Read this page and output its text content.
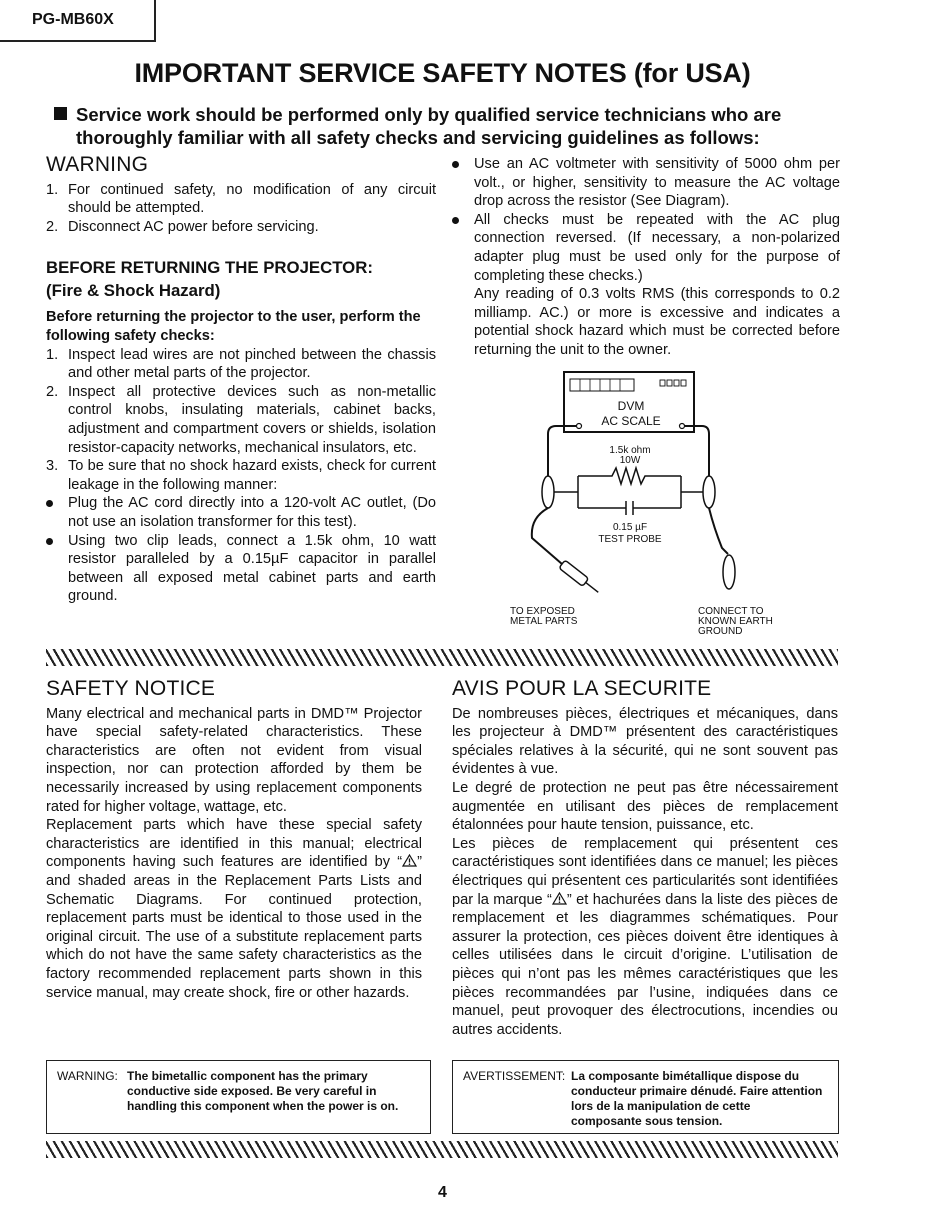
PG-MB60X
IMPORTANT SERVICE SAFETY NOTES (for USA)
Service work should be performed only by qualified service technicians who are
thoroughly familiar with all safety checks and servicing guidelines as follows:
WARNING
1. For continued safety, no modification of any circuit should be attempted.
2. Disconnect AC power before servicing.
BEFORE RETURNING THE PROJECTOR:
(Fire & Shock Hazard)

Before returning the projector to the user, perform the following safety checks:

1. Inspect lead wires are not pinched between the chassis and other metal parts of the projector.
2. Inspect all protective devices such as non-metallic control knobs, insulating materials, cabinet backs, adjustment and compartment covers or shields, isolation resistor-capacity networks, mechanical insulators, etc.
3. To be sure that no shock hazard exists, check for current leakage in the following manner:
Plug the AC cord directly into a 120-volt AC outlet, (Do not use an isolation transformer for this test).
Using two clip leads, connect a 1.5k ohm, 10 watt resistor paralleled by a 0.15µF capacitor in parallel between all exposed metal cabinet parts and earth ground.
Use an AC voltmeter with sensitivity of 5000 ohm per volt., or higher, sensitivity to measure the AC voltage drop across the resistor (See Diagram).
All checks must be repeated with the AC plug connection reversed. (If necessary, a non-polarized adapter plug must be used only for the purpose of completing these checks.)

Any reading of 0.3 volts RMS (this corresponds to 0.2 milliamp. AC.) or more is excessive and indicates a potential shock hazard which must be corrected before returning the unit to the owner.

DVM
AC SCALE
1.5k ohm
10W
0.15 µF
TEST PROBE
TO EXPOSED
METAL PARTS
CONNECT TO
KNOWN EARTH
GROUND
SAFETY NOTICE

Many electrical and mechanical parts in DMD™ Projector have special safety-related characteristics. These characteristics are often not evident from visual inspection, nor can protection afforded by them be necessarily increased by using replacement components rated for higher voltage, wattage, etc.

Replacement parts which have these special safety characteristics are identified in this manual; electrical components having such features are identified by “ ” and shaded areas in the Replacement Parts Lists and Schematic Diagrams. For continued protection, replacement parts must be identical to those used in the original circuit. The use of a substitute replacement parts which do not have the same safety characteristics as the factory recommended replacement parts shown in this service manual, may create shock, fire or other hazards.

AVIS POUR LA SECURITE

De nombreuses pièces, électriques et mécaniques, dans les projecteur à DMD™ présentent des caractéristiques spéciales relatives à la sécurité, qui ne sont souvent pas évidentes à vue.

Le degré de protection ne peut pas être nécessairement augmentée en utilisant des pièces de remplacement étalonnées pour haute tension, puissance, etc.

Les pièces de remplacement qui présentent ces caractéristiques sont identifiées dans ce manuel; les pièces électriques qui présentent ces particularités sont identifiées par la marque “ ” et hachurées dans la liste des pièces de remplacement et les diagrammes schématiques. Pour assurer la protection, ces pièces doivent être identiques à celles utilisées dans le circuit d’origine. L’utilisation de pièces qui n’ont pas les mêmes caractéristiques que les pièces recommandées par l’usine, indiquées dans ce manuel, peut provoquer des électrocutions, incendies ou autres accidents.

WARNING: The bimetallic component has the primary
conductive side exposed. Be very careful in
handling this component when the power is on.
AVERTISSEMENT: La composante bimétallique dispose du
conducteur primaire dénudé. Faire attention
lors de la manipulation de cette
composante sous tension.
4
